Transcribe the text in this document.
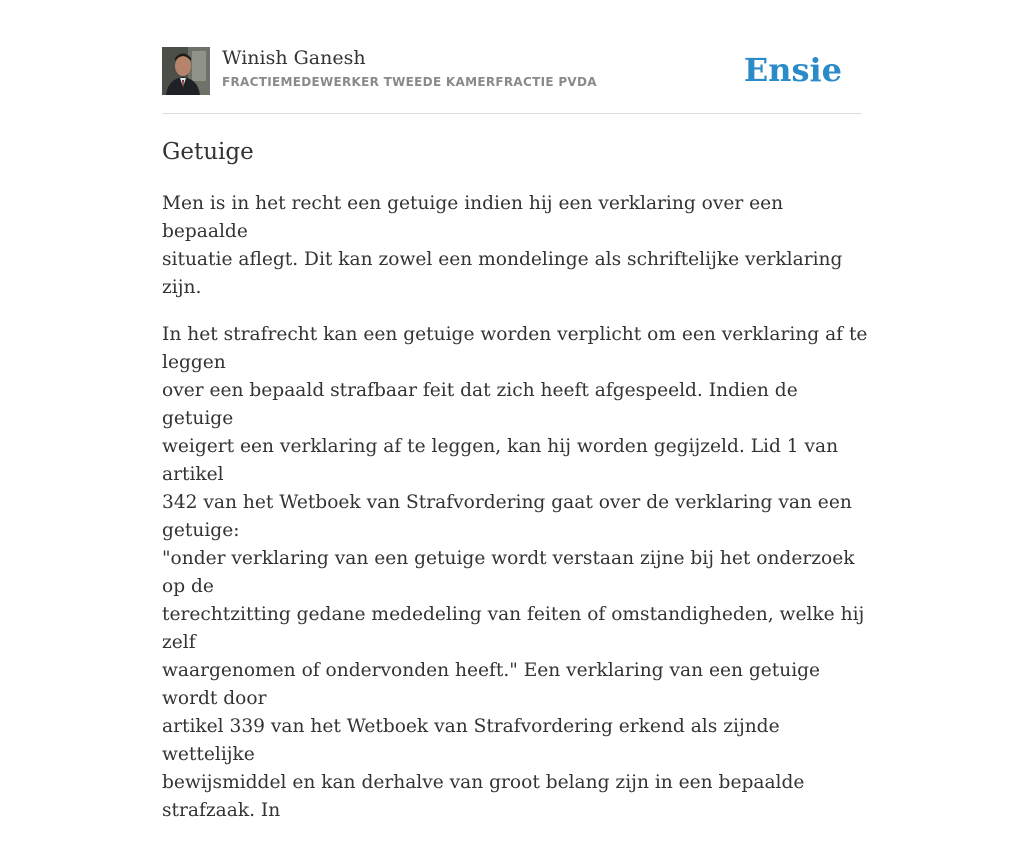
Winish Ganesh
FRACTIEMEDEWERKER TWEEDE KAMERFRACTIE PVDA	Ensie
Getuige

Men is in het recht een getuige indien hij een verklaring over een bepaalde
situatie aflegt. Dit kan zowel een mondelinge als schriftelijke verklaring zijn.

In het strafrecht kan een getuige worden verplicht om een verklaring af te leggen
over een bepaald strafbaar feit dat zich heeft afgespeeld. Indien de getuige
weigert een verklaring af te leggen, kan hij worden gegijzeld. Lid 1 van artikel
342 van het Wetboek van Strafvordering gaat over de verklaring van een getuige:
"onder verklaring van een getuige wordt verstaan zijne bij het onderzoek op de
terechtzitting gedane mededeling van feiten of omstandigheden, welke hij zelf
waargenomen of ondervonden heeft." Een verklaring van een getuige wordt door
artikel 339 van het Wetboek van Strafvordering erkend als zijnde wettelijke
bewijsmiddel en kan derhalve van groot belang zijn in een bepaalde strafzaak. In
